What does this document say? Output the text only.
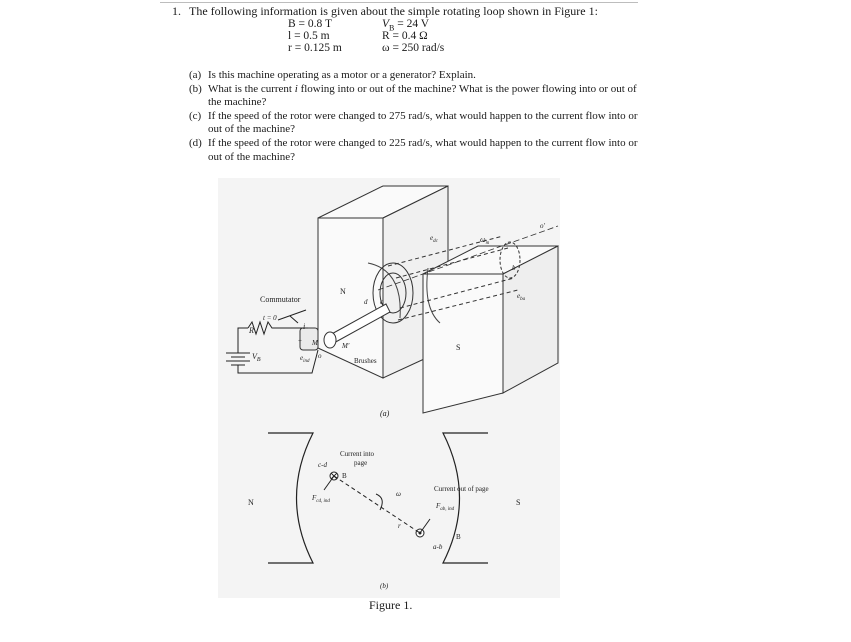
1. The following information is given about the simple rotating loop shown in Figure 1:
B = 0.8 T	$V_B = 24$ V
l = 0.5 m	R = 0.4 Ω
r = 0.125 m	ω = 250 rad/s
(a) Is this machine operating as a motor or a generator? Explain.
(b) What is the current i flowing into or out of the machine? What is the power flowing into or out of the machine?
(c) If the speed of the rotor were changed to 275 rad/s, what would happen to the current flow into or out of the machine?
(d) If the speed of the rotor were changed to 225 rad/s, what would happen to the current flow into or out of the machine?
Commutator
t = 0
R
$V_B$
i
+
$e_{ind}$
o
M	M'
Brushes
N
S
d c
b
o'
$e_{dc}$
$e_{ba}$
$\omega_m$
(a)
c-d
Current into
page
B
$F_{cd, ind}$
N
ω
r
Current out of page
$F_{ab, ind}$
B
a-b
S
(b)
Figure 1.
